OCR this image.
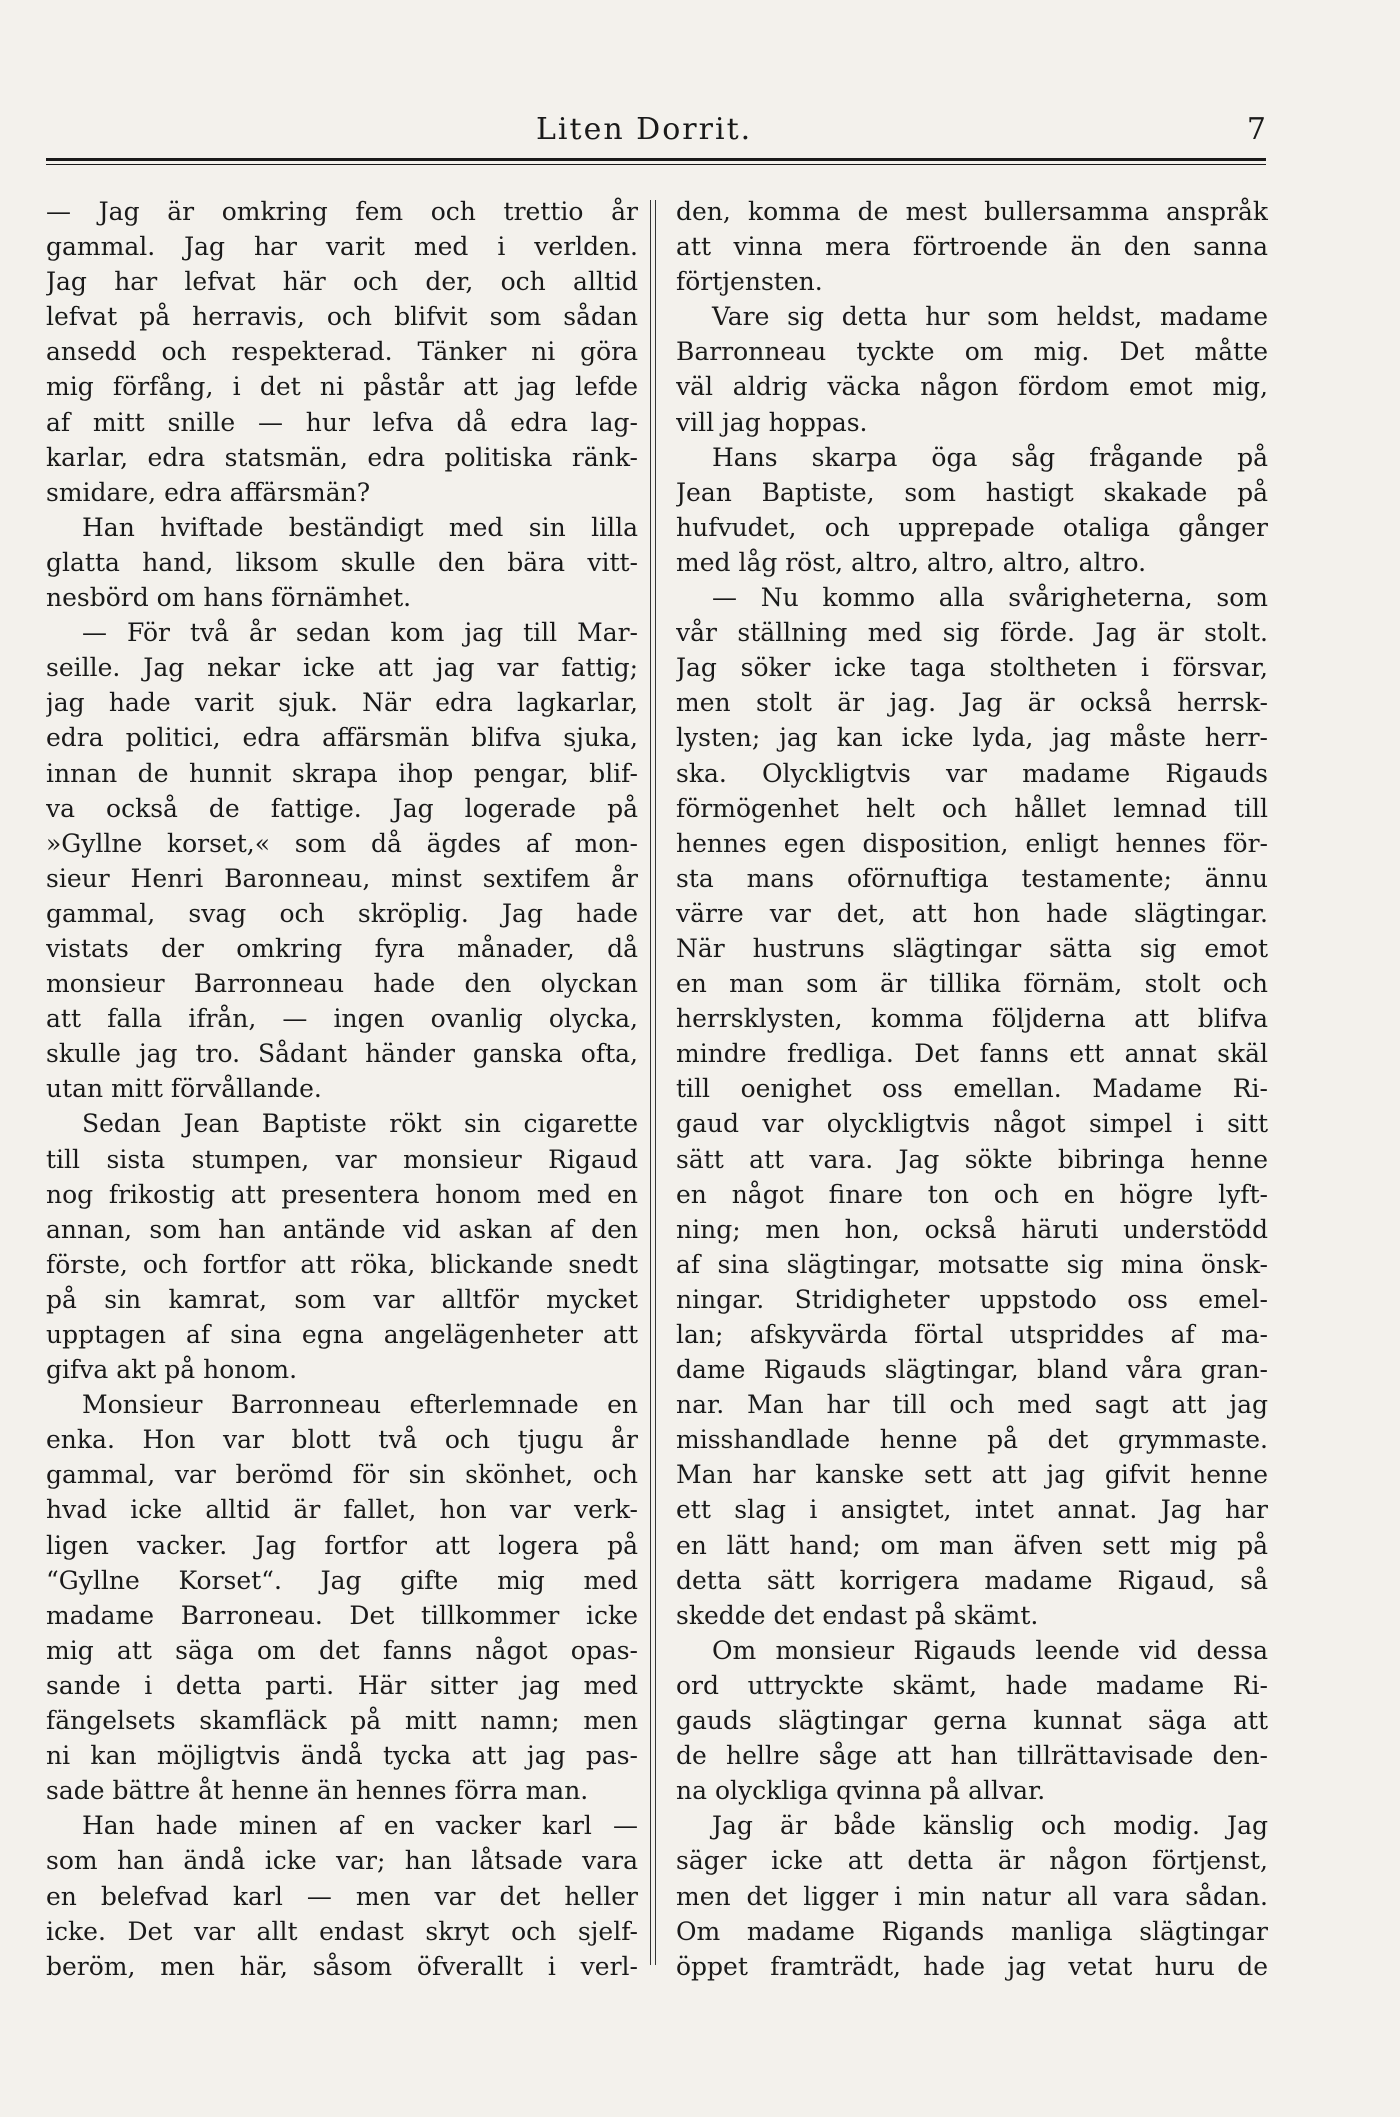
Liten Dorrit.	7
— Jag är omkring fem och trettio år
gammal. Jag har varit med i verlden.
Jag har lefvat här och der, och alltid
lefvat på herravis, och blifvit som sådan
ansedd och respekterad. Tänker ni göra
mig förfång, i det ni påstår att jag lefde
af mitt snille — hur lefva då edra lag-
karlar, edra statsmän, edra politiska ränk-
smidare, edra affärsmän?
Han hviftade beständigt med sin lilla
glatta hand, liksom skulle den bära vitt-
nesbörd om hans förnämhet.
— För två år sedan kom jag till Mar-
seille. Jag nekar icke att jag var fattig;
jag hade varit sjuk. När edra lagkarlar,
edra politici, edra affärsmän blifva sjuka,
innan de hunnit skrapa ihop pengar, blif-
va också de fattige. Jag logerade på
»Gyllne korset,« som då ägdes af mon-
sieur Henri Baronneau, minst sextifem år
gammal, svag och skröplig. Jag hade
vistats der omkring fyra månader, då
monsieur Barronneau hade den olyckan
att falla ifrån, — ingen ovanlig olycka,
skulle jag tro. Sådant händer ganska ofta,
utan mitt förvållande.
Sedan Jean Baptiste rökt sin cigarette
till sista stumpen, var monsieur Rigaud
nog frikostig att presentera honom med en
annan, som han antände vid askan af den
förste, och fortfor att röka, blickande snedt
på sin kamrat, som var alltför mycket
upptagen af sina egna angelägenheter att
gifva akt på honom.
Monsieur Barronneau efterlemnade en
enka. Hon var blott två och tjugu år
gammal, var berömd för sin skönhet, och
hvad icke alltid är fallet, hon var verk-
ligen vacker. Jag fortfor att logera på
“Gyllne Korset“. Jag gifte mig med
madame Barroneau. Det tillkommer icke
mig att säga om det fanns något opas-
sande i detta parti. Här sitter jag med
fängelsets skamfläck på mitt namn; men
ni kan möjligtvis ändå tycka att jag pas-
sade bättre åt henne än hennes förra man.
Han hade minen af en vacker karl —
som han ändå icke var; han låtsade vara
en belefvad karl — men var det heller
icke. Det var allt endast skryt och sjelf-
beröm, men här, såsom öfverallt i verl-
den, komma de mest bullersamma anspråk
att vinna mera förtroende än den sanna
förtjensten.
Vare sig detta hur som heldst, madame
Barronneau tyckte om mig. Det måtte
väl aldrig väcka någon fördom emot mig,
vill jag hoppas.
Hans skarpa öga såg frågande på
Jean Baptiste, som hastigt skakade på
hufvudet, och upprepade otaliga gånger
med låg röst, altro, altro, altro, altro.
— Nu kommo alla svårigheterna, som
vår ställning med sig förde. Jag är stolt.
Jag söker icke taga stoltheten i försvar,
men stolt är jag. Jag är också herrsk-
lysten; jag kan icke lyda, jag måste herr-
ska. Olyckligtvis var madame Rigauds
förmögenhet helt och hållet lemnad till
hennes egen disposition, enligt hennes för-
sta mans oförnuftiga testamente; ännu
värre var det, att hon hade slägtingar.
När hustruns slägtingar sätta sig emot
en man som är tillika förnäm, stolt och
herrsklysten, komma följderna att blifva
mindre fredliga. Det fanns ett annat skäl
till oenighet oss emellan. Madame Ri-
gaud var olyckligtvis något simpel i sitt
sätt att vara. Jag sökte bibringa henne
en något finare ton och en högre lyft-
ning; men hon, också häruti understödd
af sina slägtingar, motsatte sig mina önsk-
ningar. Stridigheter uppstodo oss emel-
lan; afskyvärda förtal utspriddes af ma-
dame Rigauds slägtingar, bland våra gran-
nar. Man har till och med sagt att jag
misshandlade henne på det grymmaste.
Man har kanske sett att jag gifvit henne
ett slag i ansigtet, intet annat. Jag har
en lätt hand; om man äfven sett mig på
detta sätt korrigera madame Rigaud, så
skedde det endast på skämt.
Om monsieur Rigauds leende vid dessa
ord uttryckte skämt, hade madame Ri-
gauds slägtingar gerna kunnat säga att
de hellre såge att han tillrättavisade den-
na olyckliga qvinna på allvar.
Jag är både känslig och modig. Jag
säger icke att detta är någon förtjenst,
men det ligger i min natur all vara sådan.
Om madame Rigands manliga slägtingar
öppet framträdt, hade jag vetat huru de
